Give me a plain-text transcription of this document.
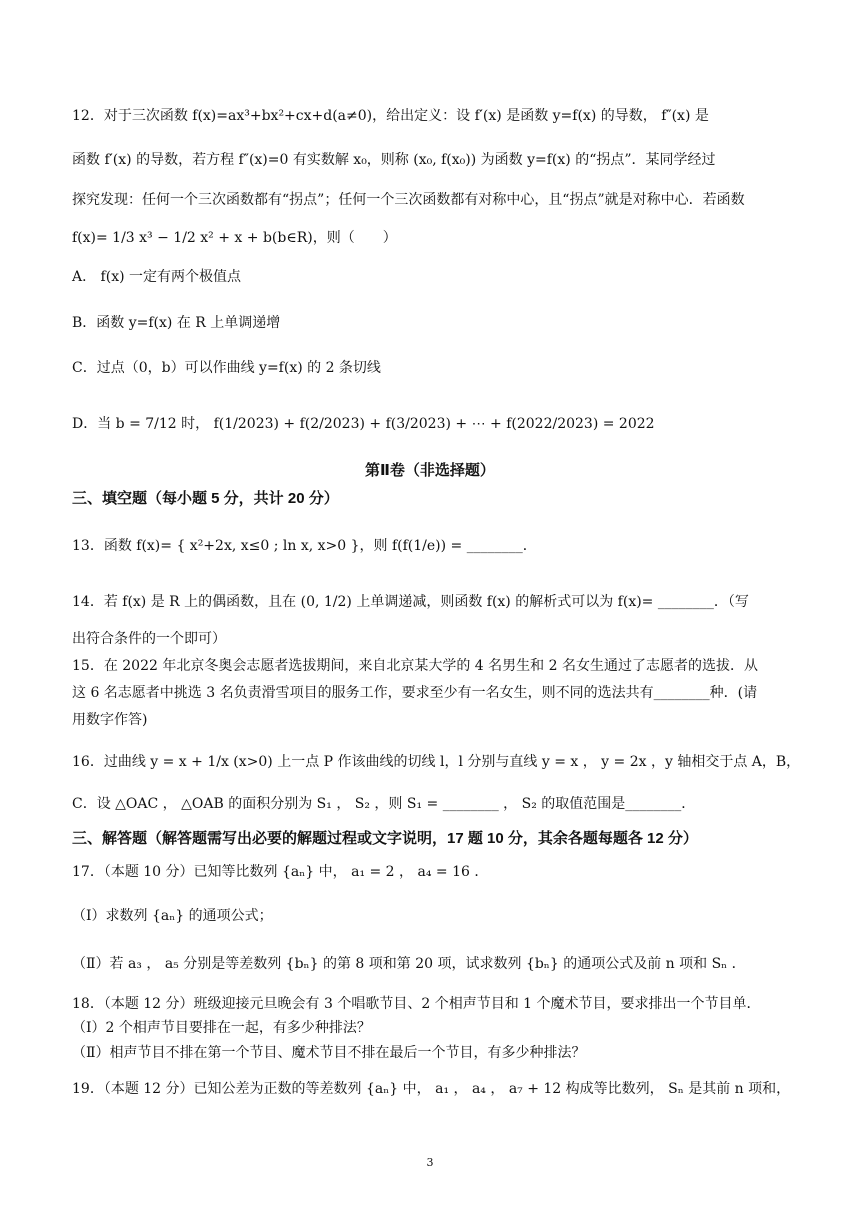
12．对于三次函数 f(x)=ax³+bx²+cx+d(a≠0)，给出定义：设 f′(x) 是函数 y=f(x) 的导数， f″(x) 是
函数 f′(x) 的导数，若方程 f″(x)=0 有实数解 x₀，则称 (x₀, f(x₀)) 为函数 y=f(x) 的“拐点”．某同学经过
探究发现：任何一个三次函数都有“拐点”；任何一个三次函数都有对称中心，且“拐点”就是对称中心．若函数
f(x)= 1/3 x³ − 1/2 x² + x + b(b∈R)，则（　　）
A． f(x) 一定有两个极值点
B．函数 y=f(x) 在 R 上单调递增
C．过点（0，b）可以作曲线 y=f(x) 的 2 条切线
D．当 b = 7/12 时， f(1/2023) + f(2/2023) + f(3/2023) + ⋯ + f(2022/2023) = 2022
第Ⅱ卷（非选择题）
三、填空题（每小题 5 分，共计 20 分）
13．函数 f(x)= { x²+2x, x≤0 ; ln x, x>0 }，则 f(f(1/e)) = ________．
14．若 f(x) 是 R 上的偶函数，且在 (0, 1/2) 上单调递减，则函数 f(x) 的解析式可以为 f(x)= ________．（写
出符合条件的一个即可）
15．在 2022 年北京冬奥会志愿者选拔期间，来自北京某大学的 4 名男生和 2 名女生通过了志愿者的选拔．从
这 6 名志愿者中挑选 3 名负责滑雪项目的服务工作，要求至少有一名女生，则不同的选法共有________种．(请
用数字作答)
16．过曲线 y = x + 1/x (x>0) 上一点 P 作该曲线的切线 l，l 分别与直线 y = x ， y = 2x ，y 轴相交于点 A，B，
C．设 △OAC ， △OAB 的面积分别为 S₁ ， S₂ ，则 S₁ = ________ ， S₂ 的取值范围是________．
三、解答题（解答题需写出必要的解题过程或文字说明，17 题 10 分，其余各题每题各 12 分）
17．（本题 10 分）已知等比数列 {aₙ} 中， a₁ = 2 ， a₄ = 16 ．
（Ⅰ）求数列 {aₙ} 的通项公式；
（Ⅱ）若 a₃ ， a₅ 分别是等差数列 {bₙ} 的第 8 项和第 20 项，试求数列 {bₙ} 的通项公式及前 n 项和 Sₙ ．
18．（本题 12 分）班级迎接元旦晚会有 3 个唱歌节目、2 个相声节目和 1 个魔术节目，要求排出一个节目单．
（Ⅰ）2 个相声节目要排在一起，有多少种排法？
（Ⅱ）相声节目不排在第一个节目、魔术节目不排在最后一个节目，有多少种排法？
19．（本题 12 分）已知公差为正数的等差数列 {aₙ} 中， a₁ ， a₄ ， a₇ + 12 构成等比数列， Sₙ 是其前 n 项和，
3
